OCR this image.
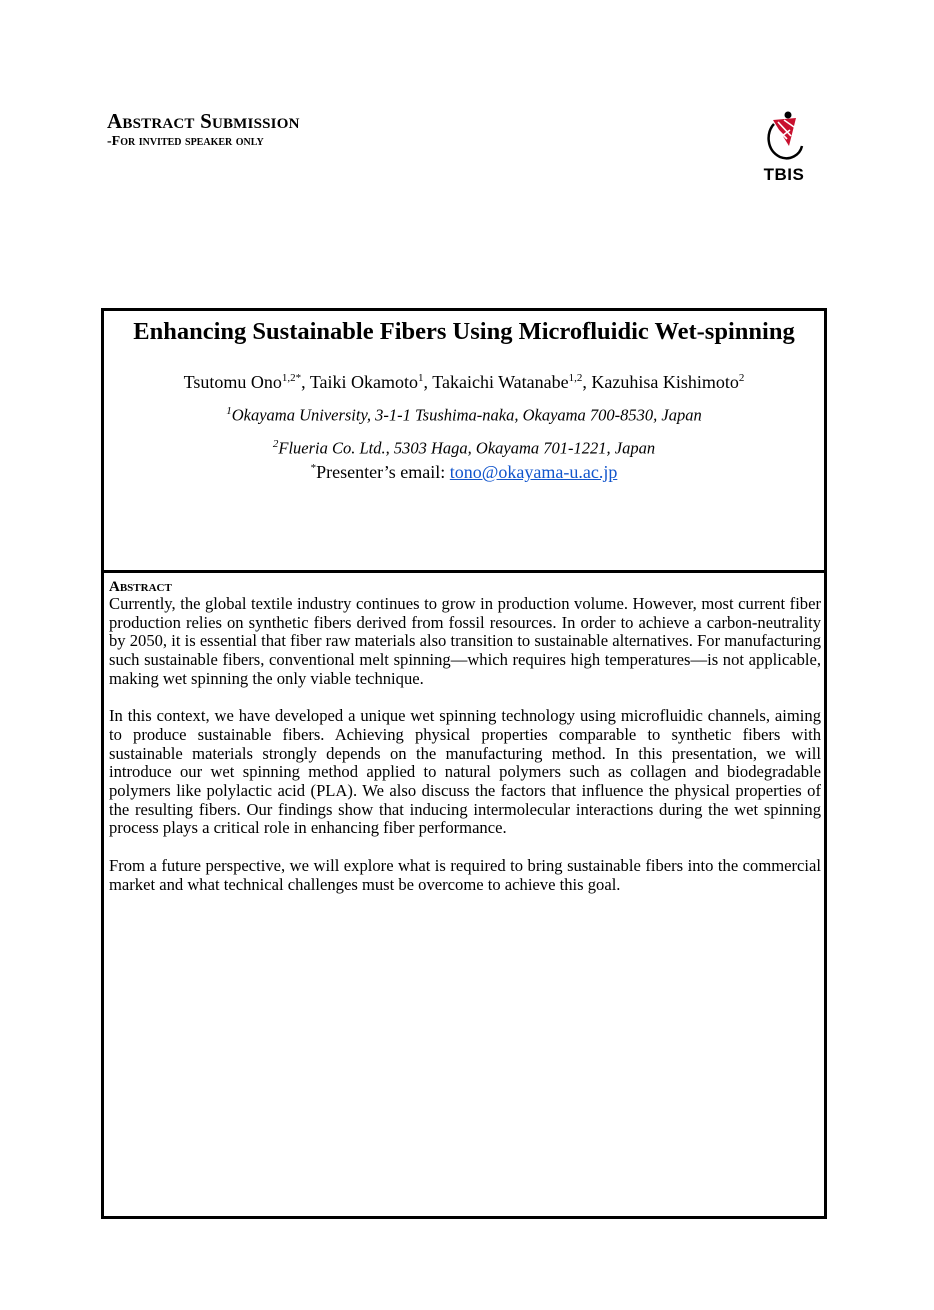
Abstract Submission
-For invited speaker only
TBIS
Enhancing Sustainable Fibers Using Microfluidic Wet-spinning
Tsutomu Ono$^{1,2*}$, Taiki Okamoto$^1$, Takaichi Watanabe$^{1,2}$, Kazuhisa Kishimoto$^2$
$^1$Okayama University, 3-1-1 Tsushima-naka, Okayama 700-8530, Japan
$^2$Flueria Co. Ltd., 5303 Haga, Okayama 701-1221, Japan
*Presenter’s email: tono@okayama-u.ac.jp
Abstract

Currently, the global textile industry continues to grow in production volume. However, most current fiber production relies on synthetic fibers derived from fossil resources. In order to achieve a carbon-neutrality by 2050, it is essential that fiber raw materials also transition to sustainable alternatives. For manufacturing such sustainable fibers, conventional melt spinning—which requires high temperatures—is not applicable, making wet spinning the only viable technique.

In this context, we have developed a unique wet spinning technology using microfluidic channels, aiming to produce sustainable fibers. Achieving physical properties comparable to synthetic fibers with sustainable materials strongly depends on the manufacturing method. In this presentation, we will introduce our wet spinning method applied to natural polymers such as collagen and biodegradable polymers like polylactic acid (PLA). We also discuss the factors that influence the physical properties of the resulting fibers. Our findings show that inducing intermolecular interactions during the wet spinning process plays a critical role in enhancing fiber performance.

From a future perspective, we will explore what is required to bring sustainable fibers into the commercial market and what technical challenges must be overcome to achieve this goal.
